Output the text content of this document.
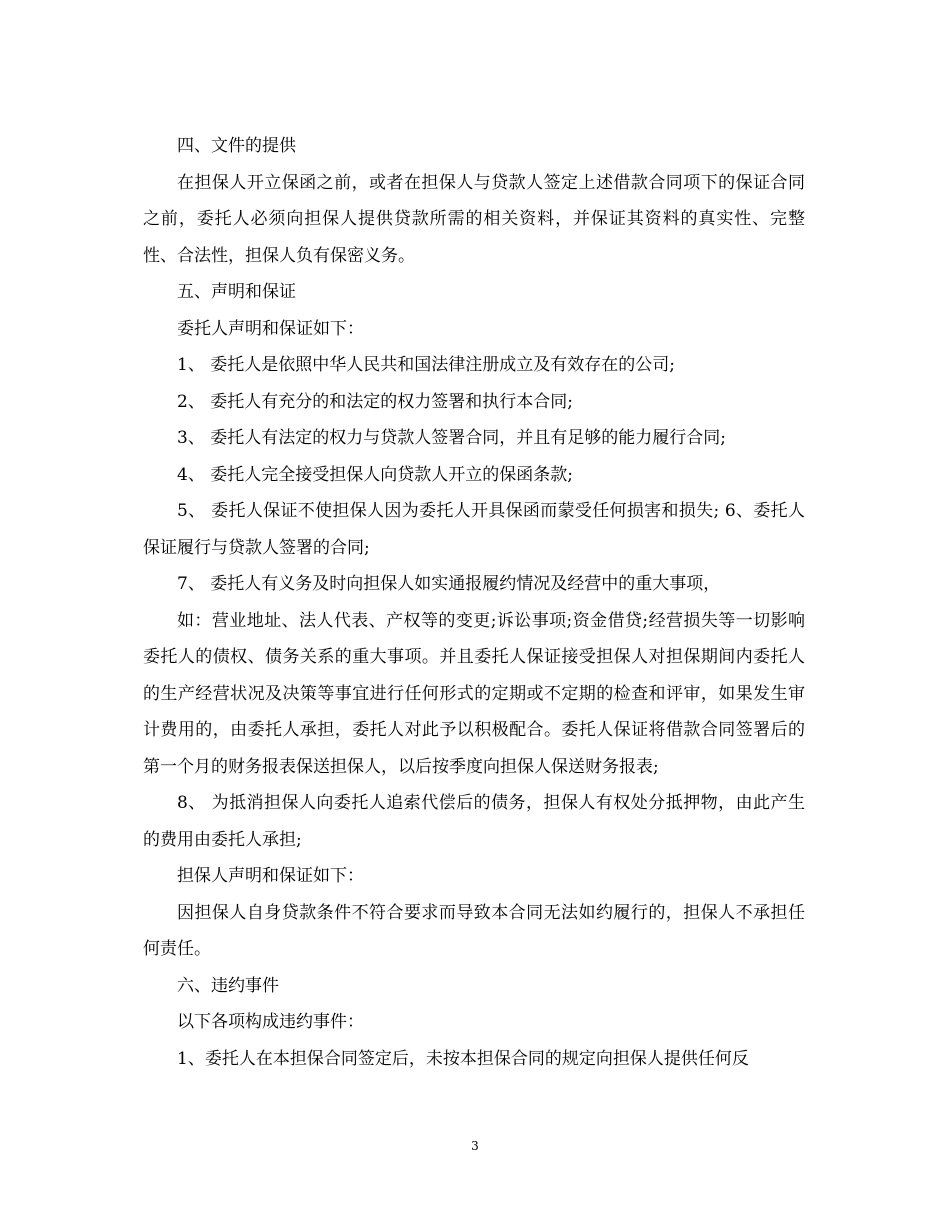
四、文件的提供

在担保人开立保函之前，或者在担保人与贷款人签定上述借款合同项下的保证合同之前，委托人必须向担保人提供贷款所需的相关资料，并保证其资料的真实性、完整性、合法性，担保人负有保密义务。

五、声明和保证

委托人声明和保证如下：

1、 委托人是依照中华人民共和国法律注册成立及有效存在的公司;

2、 委托人有充分的和法定的权力签署和执行本合同;

3、 委托人有法定的权力与贷款人签署合同，并且有足够的能力履行合同;

4、 委托人完全接受担保人向贷款人开立的保函条款;

5、 委托人保证不使担保人因为委托人开具保函而蒙受任何损害和损失; 6、委托人保证履行与贷款人签署的合同;

7、 委托人有义务及时向担保人如实通报履约情况及经营中的重大事项，

如：营业地址、法人代表、产权等的变更;诉讼事项;资金借贷;经营损失等一切影响委托人的债权、债务关系的重大事项。并且委托人保证接受担保人对担保期间内委托人的生产经营状况及决策等事宜进行任何形式的定期或不定期的检查和评审，如果发生审计费用的，由委托人承担，委托人对此予以积极配合。委托人保证将借款合同签署后的第一个月的财务报表保送担保人，以后按季度向担保人保送财务报表;

8、 为抵消担保人向委托人追索代偿后的债务，担保人有权处分抵押物，由此产生的费用由委托人承担;

担保人声明和保证如下：

因担保人自身贷款条件不符合要求而导致本合同无法如约履行的，担保人不承担任何责任。

六、违约事件

以下各项构成违约事件：

1、委托人在本担保合同签定后，未按本担保合同的规定向担保人提供任何反

3
